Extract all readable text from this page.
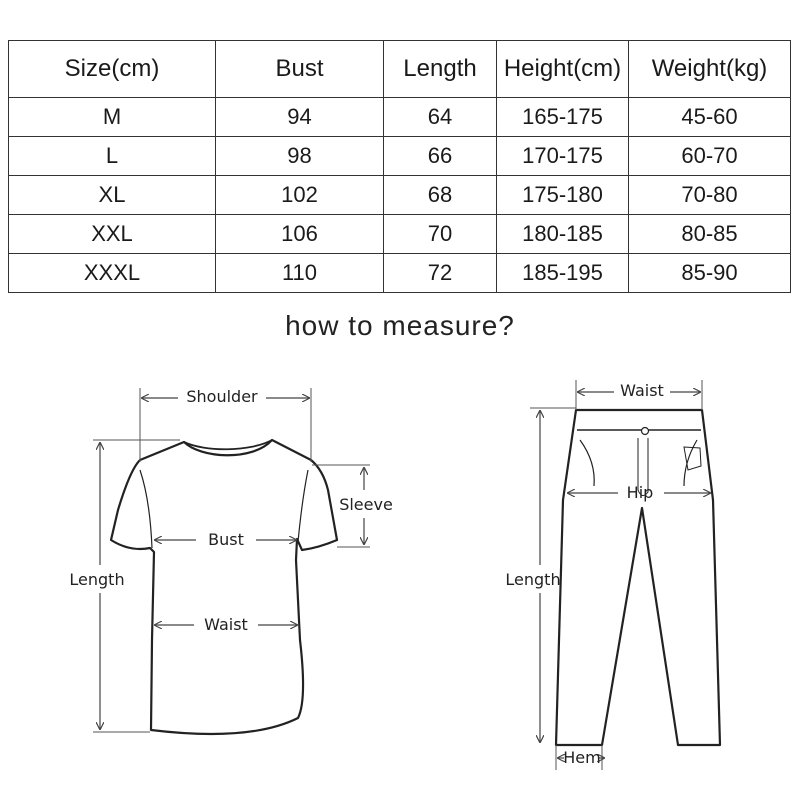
Size(cm)	Bust	Length	Height(cm)	Weight(kg)
M	94	64	165-175	45-60
L	98	66	170-175	60-70
XL	102	68	175-180	70-80
XXL	106	70	180-185	80-85
XXXL	110	72	185-195	85-90
how to measure?
Shoulder
Sleeve
Bust
Waist
Length
Waist
Hip
Length
Hem
